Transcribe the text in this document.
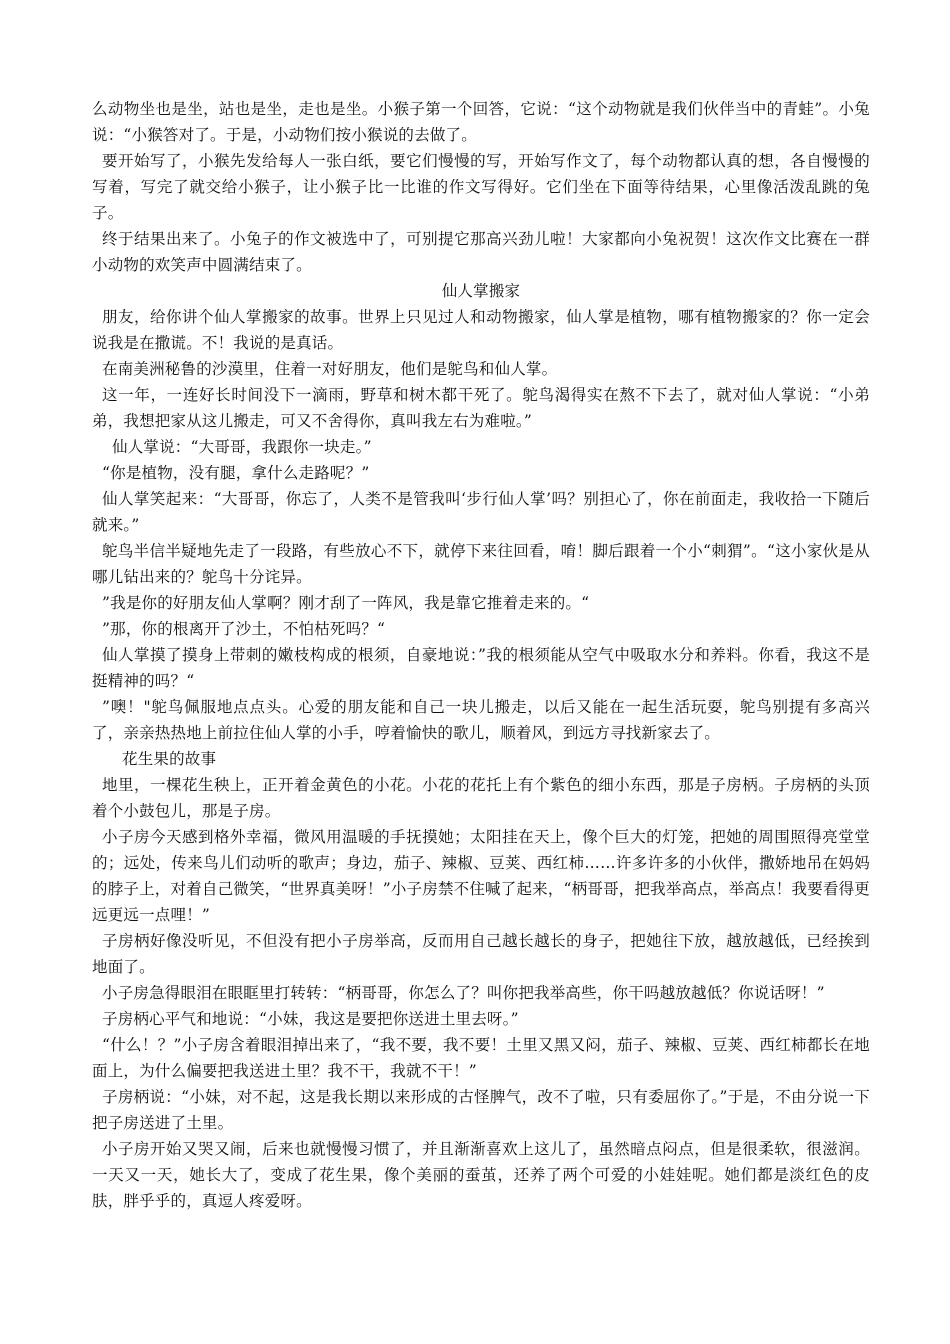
么动物坐也是坐，站也是坐，走也是坐。小猴子第一个回答，它说：“这个动物就是我们伙伴当中的青蛙”。小兔说：“小猴答对了。于是，小动物们按小猴说的去做了。

要开始写了，小猴先发给每人一张白纸，要它们慢慢的写，开始写作文了，每个动物都认真的想，各自慢慢的写着，写完了就交给小猴子，让小猴子比一比谁的作文写得好。它们坐在下面等待结果，心里像活泼乱跳的兔子。

终于结果出来了。小兔子的作文被选中了，可别提它那高兴劲儿啦！大家都向小兔祝贺！这次作文比赛在一群小动物的欢笑声中圆满结束了。

仙人掌搬家

朋友，给你讲个仙人掌搬家的故事。世界上只见过人和动物搬家，仙人掌是植物，哪有植物搬家的？你一定会说我是在撒谎。不！我说的是真话。

在南美洲秘鲁的沙漠里，住着一对好朋友，他们是鸵鸟和仙人掌。

这一年，一连好长时间没下一滴雨，野草和树木都干死了。鸵鸟渴得实在熬不下去了，就对仙人掌说：“小弟弟，我想把家从这儿搬走，可又不舍得你，真叫我左右为难啦。”

仙人掌说：“大哥哥，我跟你一块走。”

“你是植物，没有腿，拿什么走路呢？”

仙人掌笑起来：“大哥哥，你忘了，人类不是管我叫‘步行仙人掌’吗？别担心了，你在前面走，我收拾一下随后就来。”

鸵鸟半信半疑地先走了一段路，有些放心不下，就停下来往回看，唷！脚后跟着一个小“刺猬”。“这小家伙是从哪儿钻出来的？鸵鸟十分诧异。

”我是你的好朋友仙人掌啊？刚才刮了一阵风，我是靠它推着走来的。“

”那，你的根离开了沙土，不怕枯死吗？“

仙人掌摸了摸身上带刺的嫩枝构成的根须，自豪地说：”我的根须能从空气中吸取水分和养料。你看，我这不是挺精神的吗？“

”噢！"鸵鸟佩服地点点头。心爱的朋友能和自己一块儿搬走，以后又能在一起生活玩耍，鸵鸟别提有多高兴了，亲亲热热地上前拉住仙人掌的小手，哼着愉快的歌儿，顺着风，到远方寻找新家去了。

花生果的故事

地里，一棵花生秧上，正开着金黄色的小花。小花的花托上有个紫色的细小东西，那是子房柄。子房柄的头顶着个小鼓包儿，那是子房。

小子房今天感到格外幸福，微风用温暖的手抚摸她；太阳挂在天上，像个巨大的灯笼，把她的周围照得亮堂堂的；远处，传来鸟儿们动听的歌声；身边，茄子、辣椒、豆荚、西红柿……许多许多的小伙伴，撒娇地吊在妈妈的脖子上，对着自己微笑，“世界真美呀！”小子房禁不住喊了起来，“柄哥哥，把我举高点，举高点！我要看得更远更远一点哩！”

子房柄好像没听见，不但没有把小子房举高，反而用自己越长越长的身子，把她往下放，越放越低，已经挨到地面了。

小子房急得眼泪在眼眶里打转转：“柄哥哥，你怎么了？叫你把我举高些，你干吗越放越低？你说话呀！”

子房柄心平气和地说：“小妹，我这是要把你送进土里去呀。”

“什么！？”小子房含着眼泪掉出来了，“我不要，我不要！土里又黑又闷，茄子、辣椒、豆荚、西红柿都长在地面上，为什么偏要把我送进土里？我不干，我就不干！”

子房柄说：“小妹，对不起，这是我长期以来形成的古怪脾气，改不了啦，只有委屈你了。”于是，不由分说一下把子房送进了土里。

小子房开始又哭又闹，后来也就慢慢习惯了，并且渐渐喜欢上这儿了，虽然暗点闷点，但是很柔软，很滋润。一天又一天，她长大了，变成了花生果，像个美丽的蚕茧，还养了两个可爱的小娃娃呢。她们都是淡红色的皮肤，胖乎乎的，真逗人疼爱呀。
